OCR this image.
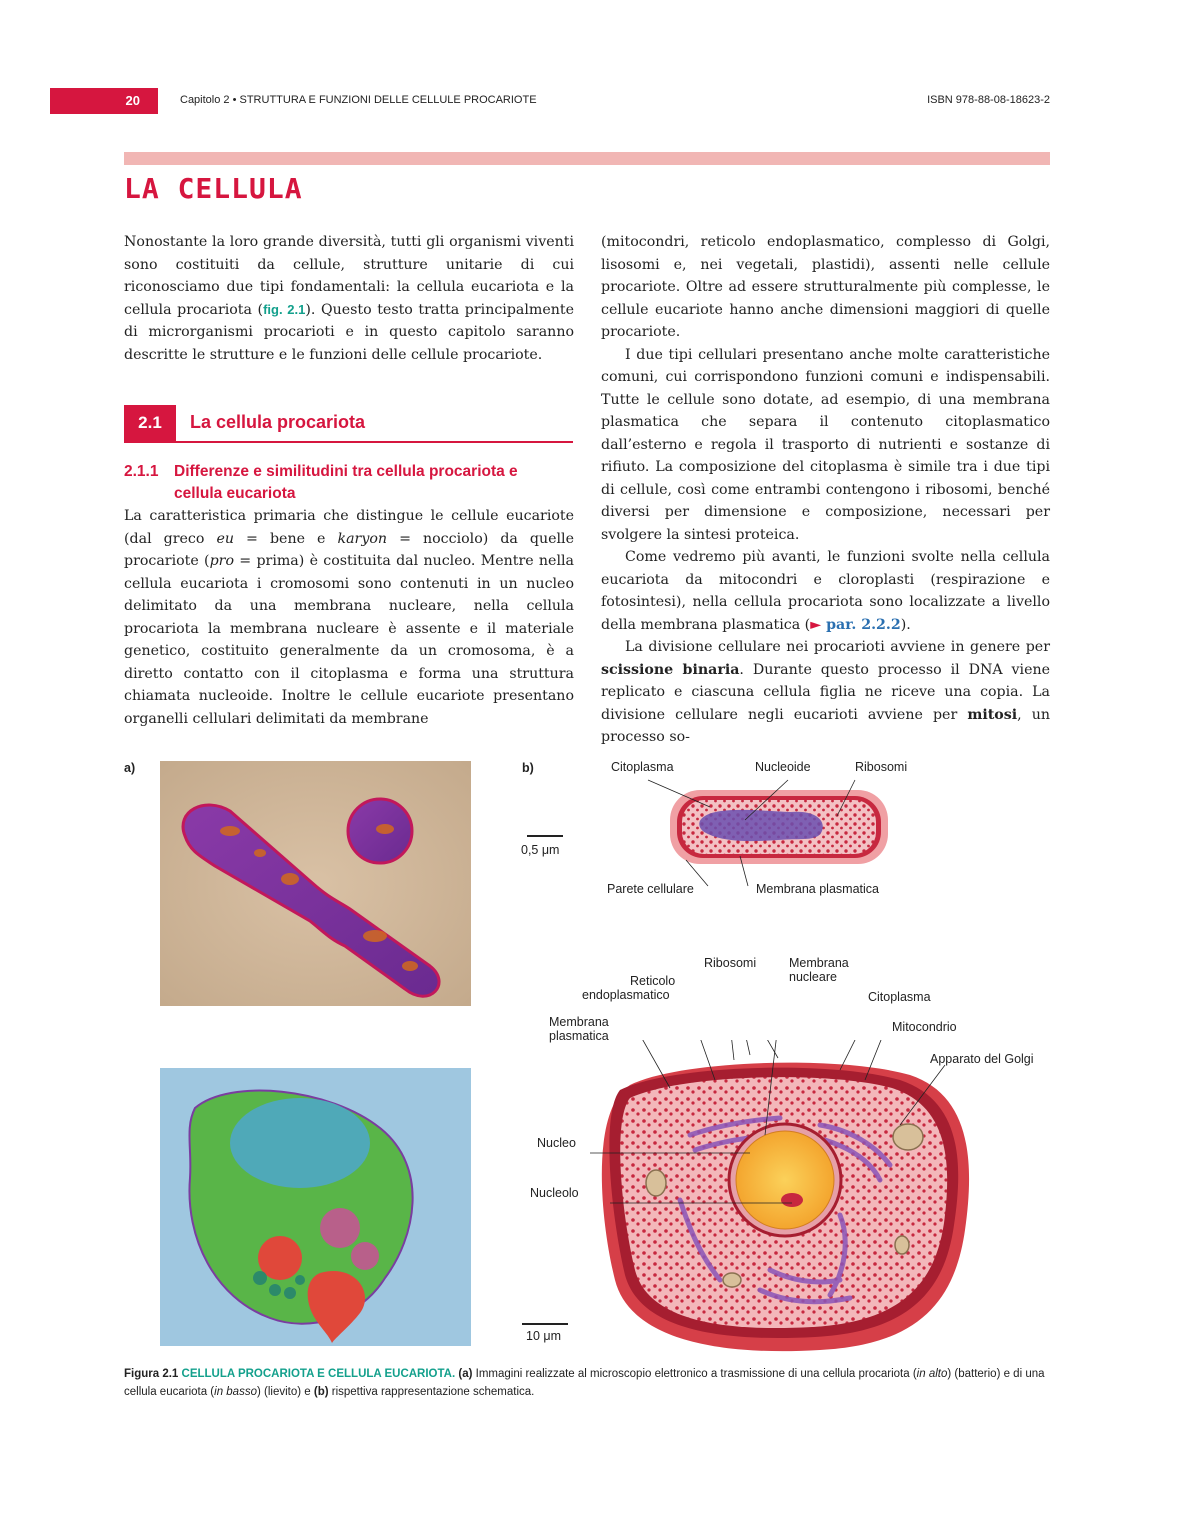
20	Capitolo 2 • STRUTTURA E FUNZIONI DELLE CELLULE PROCARIOTE	ISBN 978-88-08-18623-2
LA CELLULA

Nonostante la loro grande diversità, tutti gli organismi viventi sono costituiti da cellule, strutture unitarie di cui riconosciamo due tipi fondamentali: la cellula eucariota e la cellula procariota (fig. 2.1). Questo testo tratta principalmente di microrganismi procarioti e in questo capitolo saranno descritte le strutture e le funzioni delle cellule procariote.

2.1	La cellula procariota
2.1.1 Differenze e similitudini tra cellula procariota e
cellula eucariota

La caratteristica primaria che distingue le cellule eucariote (dal greco eu = bene e karyon = nocciolo) da quelle procariote (pro = prima) è costituita dal nucleo. Mentre nella cellula eucariota i cromosomi sono contenuti in un nucleo delimitato da una membrana nucleare, nella cellula procariota la membrana nucleare è assente e il materiale genetico, costituito generalmente da un cromosoma, è a diretto contatto con il citoplasma e forma una struttura chiamata nucleoide. Inoltre le cellule eucariote presentano organelli cellulari delimitati da membrane

(mitocondri, reticolo endoplasmatico, complesso di Golgi, lisosomi e, nei vegetali, plastidi), assenti nelle cellule procariote. Oltre ad essere strutturalmente più complesse, le cellule eucariote hanno anche dimensioni maggiori di quelle procariote.

I due tipi cellulari presentano anche molte caratteristiche comuni, cui corrispondono funzioni comuni e indispensabili. Tutte le cellule sono dotate, ad esempio, di una membrana plasmatica che separa il contenuto citoplasmatico dall’esterno e regola il trasporto di nutrienti e sostanze di rifiuto. La composizione del citoplasma è simile tra i due tipi di cellule, così come entrambi contengono i ribosomi, benché diversi per dimensione e composizione, necessari per svolgere la sintesi proteica.

Come vedremo più avanti, le funzioni svolte nella cellula eucariota da mitocondri e cloroplasti (respirazione e fotosintesi), nella cellula procariota sono localizzate a livello della membrana plasmatica (► par. 2.2.2).

La divisione cellulare nei procarioti avviene in genere per scissione binaria. Durante questo processo il DNA viene replicato e ciascuna cellula figlia ne riceve una copia. La divisione cellulare negli eucarioti avviene per mitosi, un processo so-

a)	b)
0,5 μm
Citoplasma	Nucleoide	Ribosomi
Parete cellulare	Membrana plasmatica
Ribosomi	Membrana
nucleare
Reticolo
endoplasmatico	Citoplasma
Membrana
plasmatica
Mitocondrio
Apparato del Golgi
Nucleo
Nucleolo
10 μm
Figura 2.1 CELLULA PROCARIOTA E CELLULA EUCARIOTA. (a) Immagini realizzate al microscopio elettronico a trasmissione di una cellula procariota (in alto) (batterio) e di una cellula eucariota (in basso) (lievito) e (b) rispettiva rappresentazione schematica.
